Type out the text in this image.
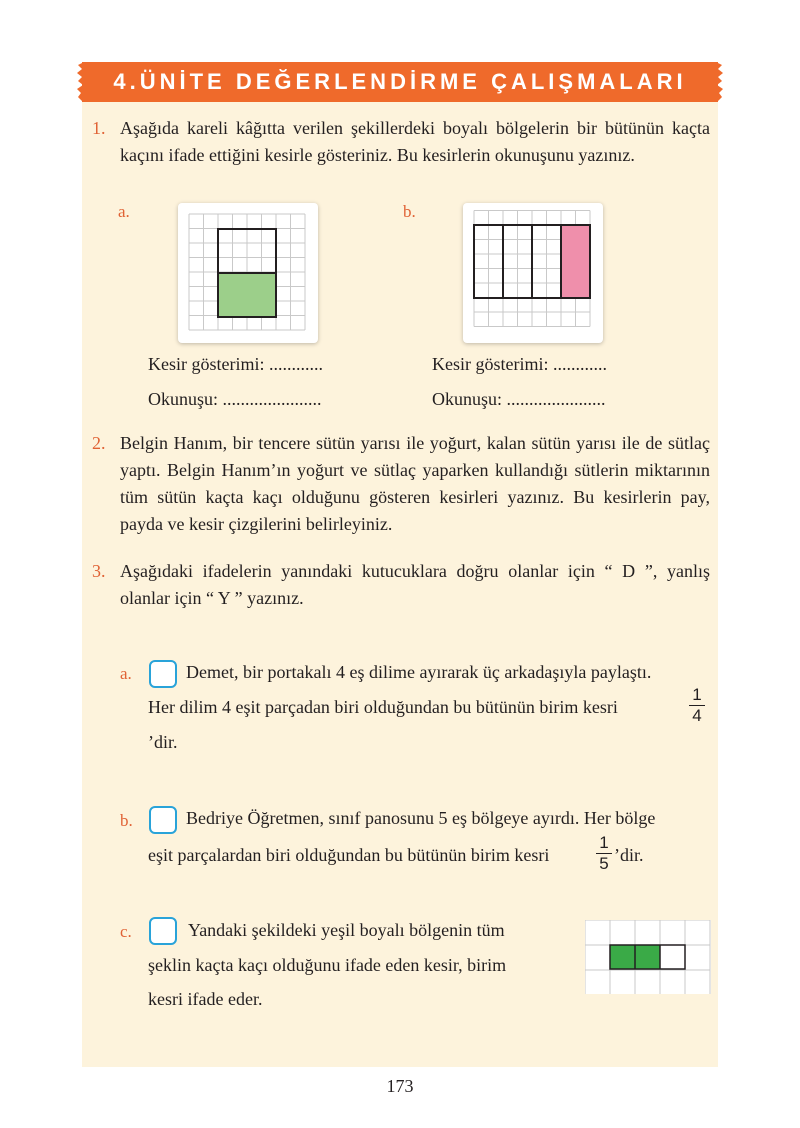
4.ÜNİTE DEĞERLENDİRME ÇALIŞMALARI
1. Aşağıda kareli kâğıtta verilen şekillerdeki boyalı bölgelerin bir bütünün kaçta kaçını ifade ettiğini kesirle gösteriniz. Bu kesirlerin okunuşunu yazınız.
a.
Kesir gösterimi: ............
Okunuşu: ......................
b.
Kesir gösterimi: ............
Okunuşu: ......................
2. Belgin Hanım, bir tencere sütün yarısı ile yoğurt, kalan sütün yarısı ile de sütlaç yaptı. Belgin Hanım’ın yoğurt ve sütlaç yaparken kullandığı sütlerin miktarının tüm sütün kaçta kaçı olduğunu gösteren kesirleri yazınız. Bu kesirlerin pay, payda ve kesir çizgilerini belirleyiniz.
3. Aşağıdaki ifadelerin yanındaki kutucuklara doğru olanlar için “ D ”, yanlış olanlar için “ Y ” yazınız.
a.	Demet, bir portakalı 4 eş dilime ayırarak üç arkadaşıyla paylaştı.
Her dilim 4 eşit parçadan biri olduğundan bu bütünün birim kesri
1
4
’dir.
b.	Bedriye Öğretmen, sınıf panosunu 5 eş bölgeye ayırdı. Her bölge
eşit parçalardan biri olduğundan bu bütünün birim kesri
1
5 ’dir.
c.	Yandaki şekildeki yeşil boyalı bölgenin tüm
şeklin kaçta kaçı olduğunu ifade eden kesir, birim
kesri ifade eder.
173
